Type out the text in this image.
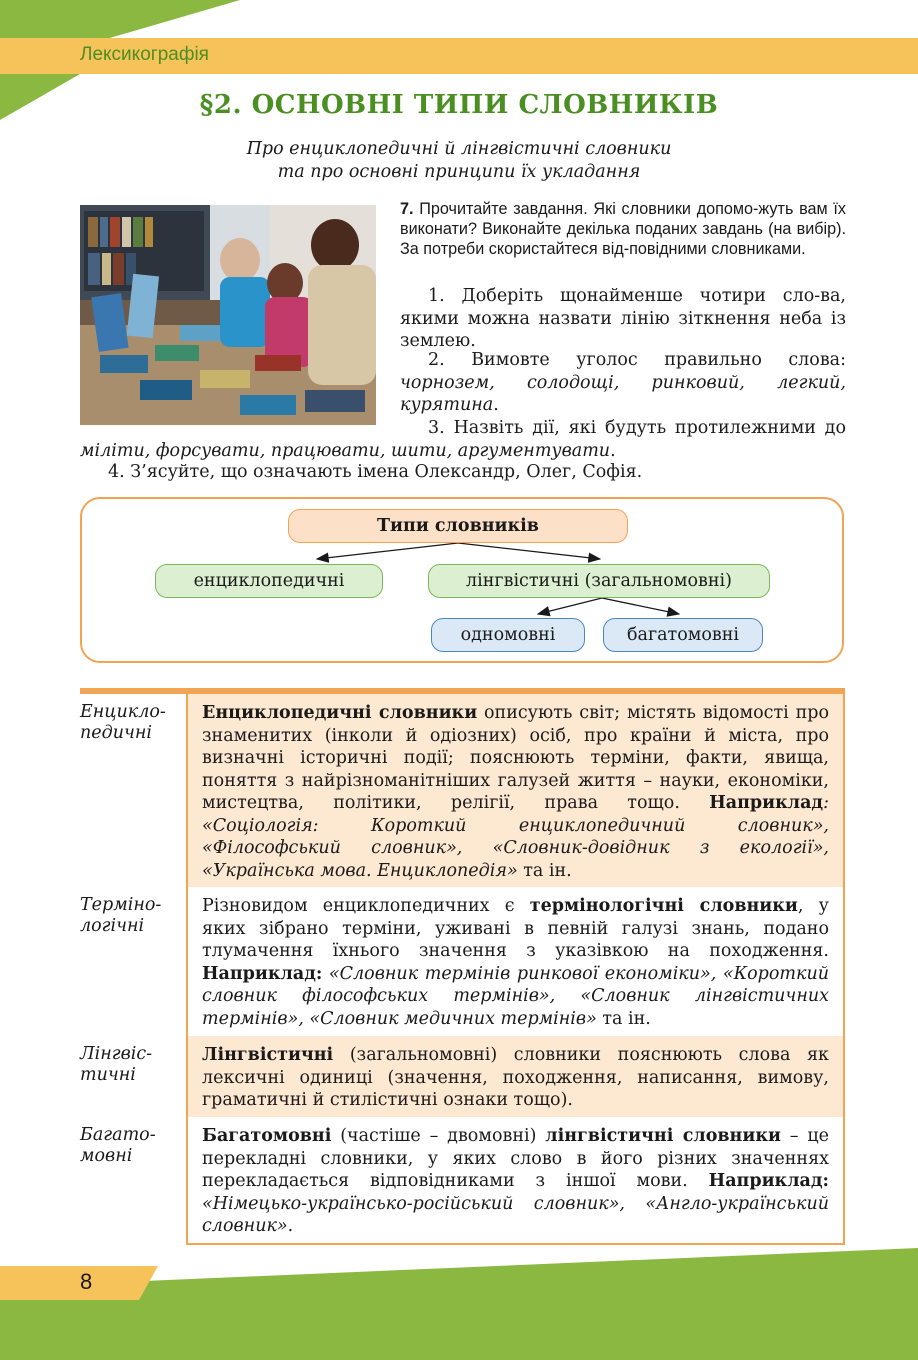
Лексикографія
§2. ОСНОВНІ ТИПИ СЛОВНИКІВ
Про енциклопедичні й лінгвістичні словники
та про основні принципи їх укладання
7. Прочитайте завдання. Які словники допомо-жуть вам їх виконати? Виконайте декілька поданих завдань (на вибір). За потреби скористайтеся від-повідними словниками.
1. Доберіть щонайменше чотири сло-ва, якими можна назвати лінію зіткнення неба із землею.
2. Вимовте уголос правильно слова: чорнозем, солодощі, ринковий, легкий, курятина.
3. Назвіть дії, які будуть протилежними до міліти, форсувати, працювати, шити, аргументувати.
4. З’ясуйте, що означають імена Олександр, Олег, Софія.
Типи словників
енциклопедичні	лінгвістичні (загальномовні)
одномовні	багатомовні
Енцикло-
педичні
Енциклопедичні словники описують світ; містять відомості про знаменитих (інколи й одіозних) осіб, про країни й міста, про визначні історичні події; пояснюють терміни, факти, явища, поняття з найрізноманітніших галузей життя – науки, економіки, мистецтва, політики, релігії, права тощо. Наприклад: «Соціологія: Короткий енциклопедичний словник», «Філософський словник», «Словник-довідник з екології», «Українська мова. Енциклопедія» та ін.
Терміно-
логічні
Різновидом енциклопедичних є термінологічні словники, у яких зібрано терміни, уживані в певній галузі знань, подано тлумачення їхнього значення з указівкою на походження. Наприклад: «Словник термінів ринкової економіки», «Короткий словник філософських термінів», «Словник лінгвістичних термінів», «Словник медичних термінів» та ін.
Лінгвіс-
тичні
Лінгвістичні (загальномовні) словники пояснюють слова як лексичні одиниці (значення, походження, написання, вимову, граматичні й стилістичні ознаки тощо).
Багато-
мовні
Багатомовні (частіше – двомовні) лінгвістичні словники – це перекладні словники, у яких слово в його різних значеннях перекладається відповідниками з іншої мови. Наприклад: «Німецько-українсько-російський словник», «Англо-український словник».
8
